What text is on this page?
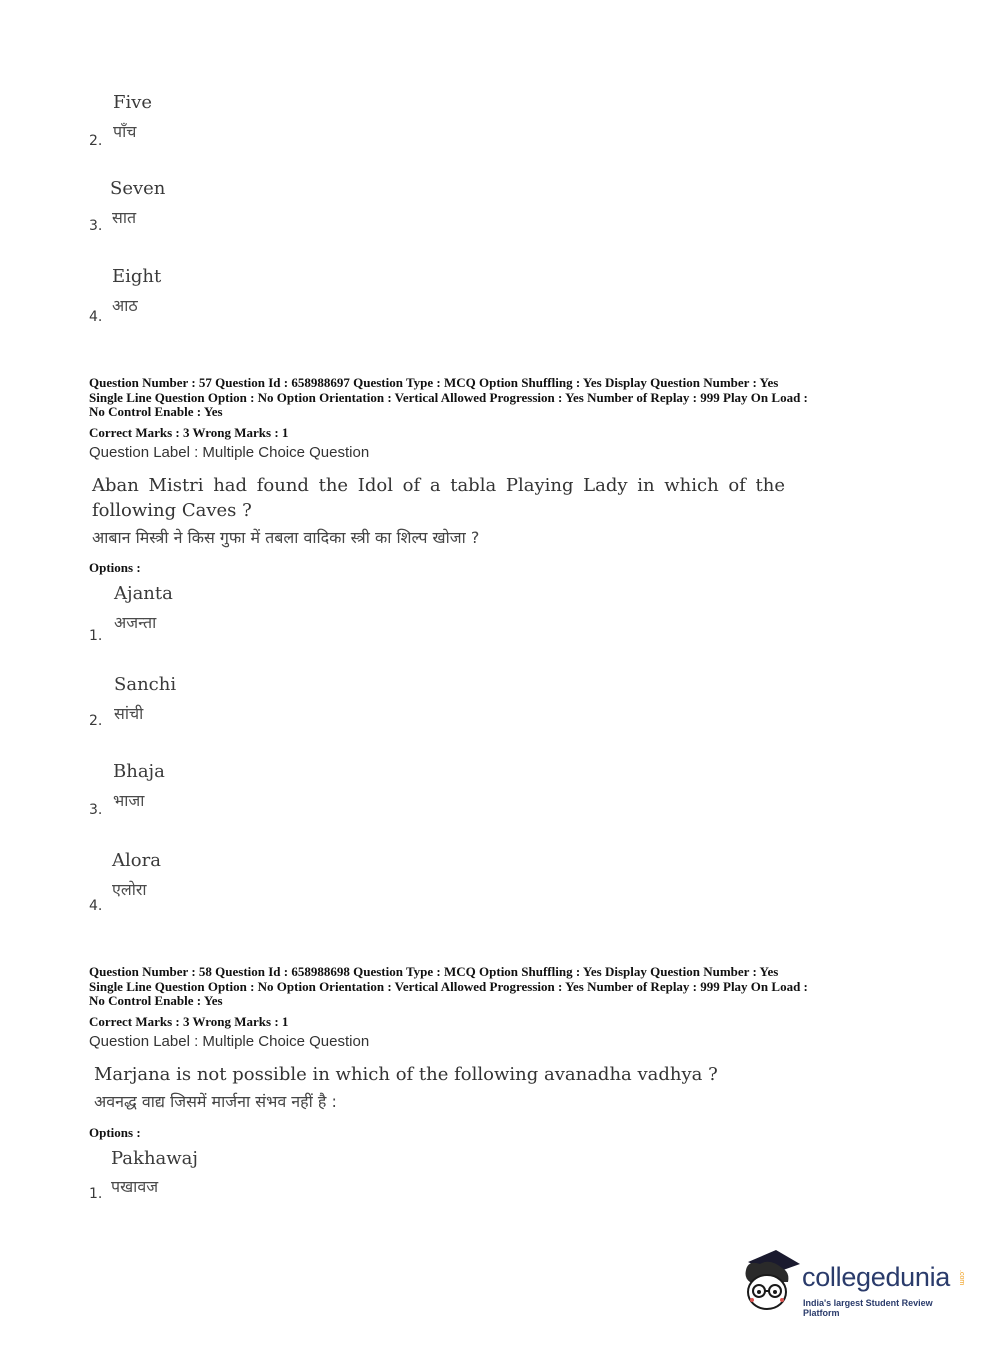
Five
पाँच
2.
Seven
सात
3.
Eight
आठ
4.
Question Number : 57 Question Id : 658988697 Question Type : MCQ Option Shuffling : Yes Display Question Number : Yes
Single Line Question Option : No Option Orientation : Vertical Allowed Progression : Yes Number of Replay : 999 Play On Load :
No Control Enable : Yes
Correct Marks : 3 Wrong Marks : 1
Question Label : Multiple Choice Question
Aban Mistri had found the Idol of a tabla Playing Lady in which of the
following Caves ?
आबान मिस्त्री ने किस गुफा में तबला वादिका स्त्री का शिल्प खोजा ?
Options :
Ajanta
अजन्ता
1.
Sanchi
सांची
2.
Bhaja
भाजा
3.
Alora
एलोरा
4.
Question Number : 58 Question Id : 658988698 Question Type : MCQ Option Shuffling : Yes Display Question Number : Yes
Single Line Question Option : No Option Orientation : Vertical Allowed Progression : Yes Number of Replay : 999 Play On Load :
No Control Enable : Yes
Correct Marks : 3 Wrong Marks : 1
Question Label : Multiple Choice Question
Marjana is not possible in which of the following avanadha vadhya ?
अवनद्ध वाद्य जिसमें मार्जना संभव नहीं है :
Options :
Pakhawaj
पखावज
1.
collegedunia .com
India's largest Student Review Platform
